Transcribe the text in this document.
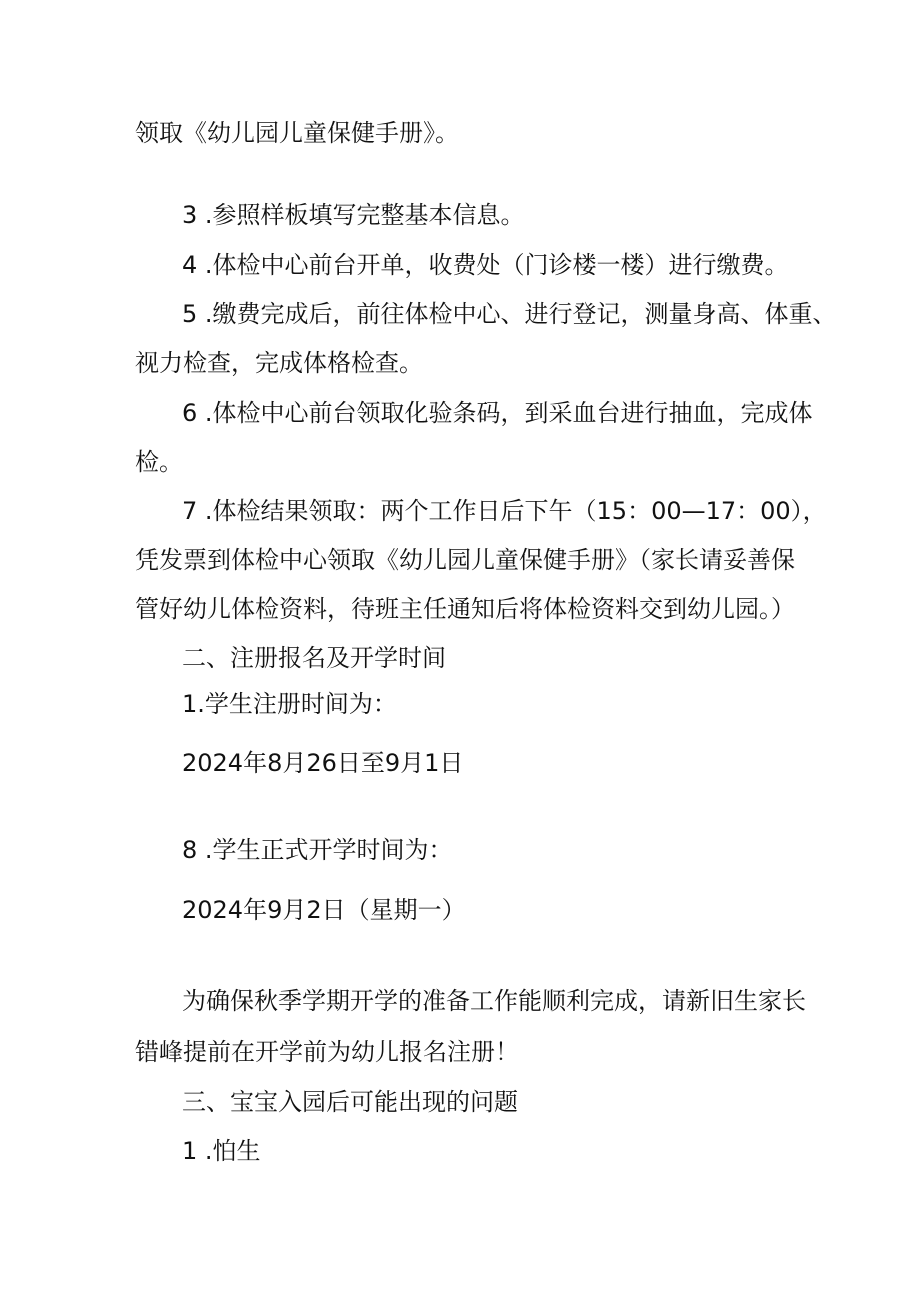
领取《幼儿园儿童保健手册》。
3 .参照样板填写完整基本信息。
4 .体检中心前台开单，收费处（门诊楼一楼）进行缴费。
5 .缴费完成后，前往体检中心、进行登记，测量身高、体重、
视力检查，完成体格检查。
6 .体检中心前台领取化验条码，到采血台进行抽血，完成体
检。
7 .体检结果领取：两个工作日后下午（15：00—17：00），
凭发票到体检中心领取《幼儿园儿童保健手册》（家长请妥善保
管好幼儿体检资料，待班主任通知后将体检资料交到幼儿园。）
二、注册报名及开学时间
1.学生注册时间为：
2024年8月26日至9月1日
8 .学生正式开学时间为：
2024年9月2日（星期一）
为确保秋季学期开学的准备工作能顺利完成，请新旧生家长
错峰提前在开学前为幼儿报名注册！
三、宝宝入园后可能出现的问题
1 .怕生
